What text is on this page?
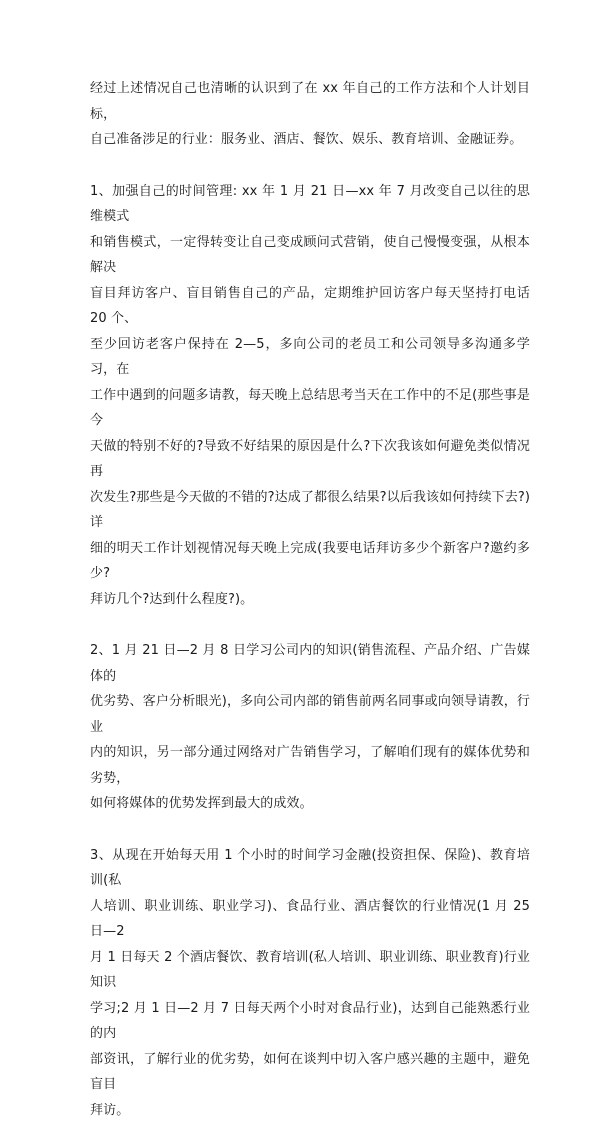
经过上述情况自己也清晰的认识到了在 xx 年自己的工作方法和个人计划目标，
自己准备涉足的行业：服务业、酒店、餐饮、娱乐、教育培训、金融证券。

1、加强自己的时间管理: xx 年 1 月 21 日—xx 年 7 月改变自己以往的思维模式
和销售模式，一定得转变让自己变成顾问式营销，使自己慢慢变强，从根本解决
盲目拜访客户、盲目销售自己的产品，定期维护回访客户每天坚持打电话 20 个、
至少回访老客户保持在 2—5，多向公司的老员工和公司领导多沟通多学习，在
工作中遇到的问题多请教，每天晚上总结思考当天在工作中的不足(那些事是今
天做的特别不好的?导致不好结果的原因是什么?下次我该如何避免类似情况再
次发生?那些是今天做的不错的?达成了都很么结果?以后我该如何持续下去?)详
细的明天工作计划视情况每天晚上完成(我要电话拜访多少个新客户?邀约多少?
拜访几个?达到什么程度?)。

2、1 月 21 日—2 月 8 日学习公司内的知识(销售流程、产品介绍、广告媒体的
优劣势、客户分析眼光)，多向公司内部的销售前两名同事或向领导请教，行业
内的知识，另一部分通过网络对广告销售学习，了解咱们现有的媒体优势和劣势，
如何将媒体的优势发挥到最大的成效。

3、从现在开始每天用 1 个小时的时间学习金融(投资担保、保险)、教育培训(私
人培训、职业训练、职业学习)、食品行业、酒店餐饮的行业情况(1 月 25 日—2
月 1 日每天 2 个酒店餐饮、教育培训(私人培训、职业训练、职业教育)行业知识
学习;2 月 1 日—2 月 7 日每天两个小时对食品行业)，达到自己能熟悉行业的内
部资讯，了解行业的优劣势，如何在谈判中切入客户感兴趣的主题中，避免盲目
拜访。
